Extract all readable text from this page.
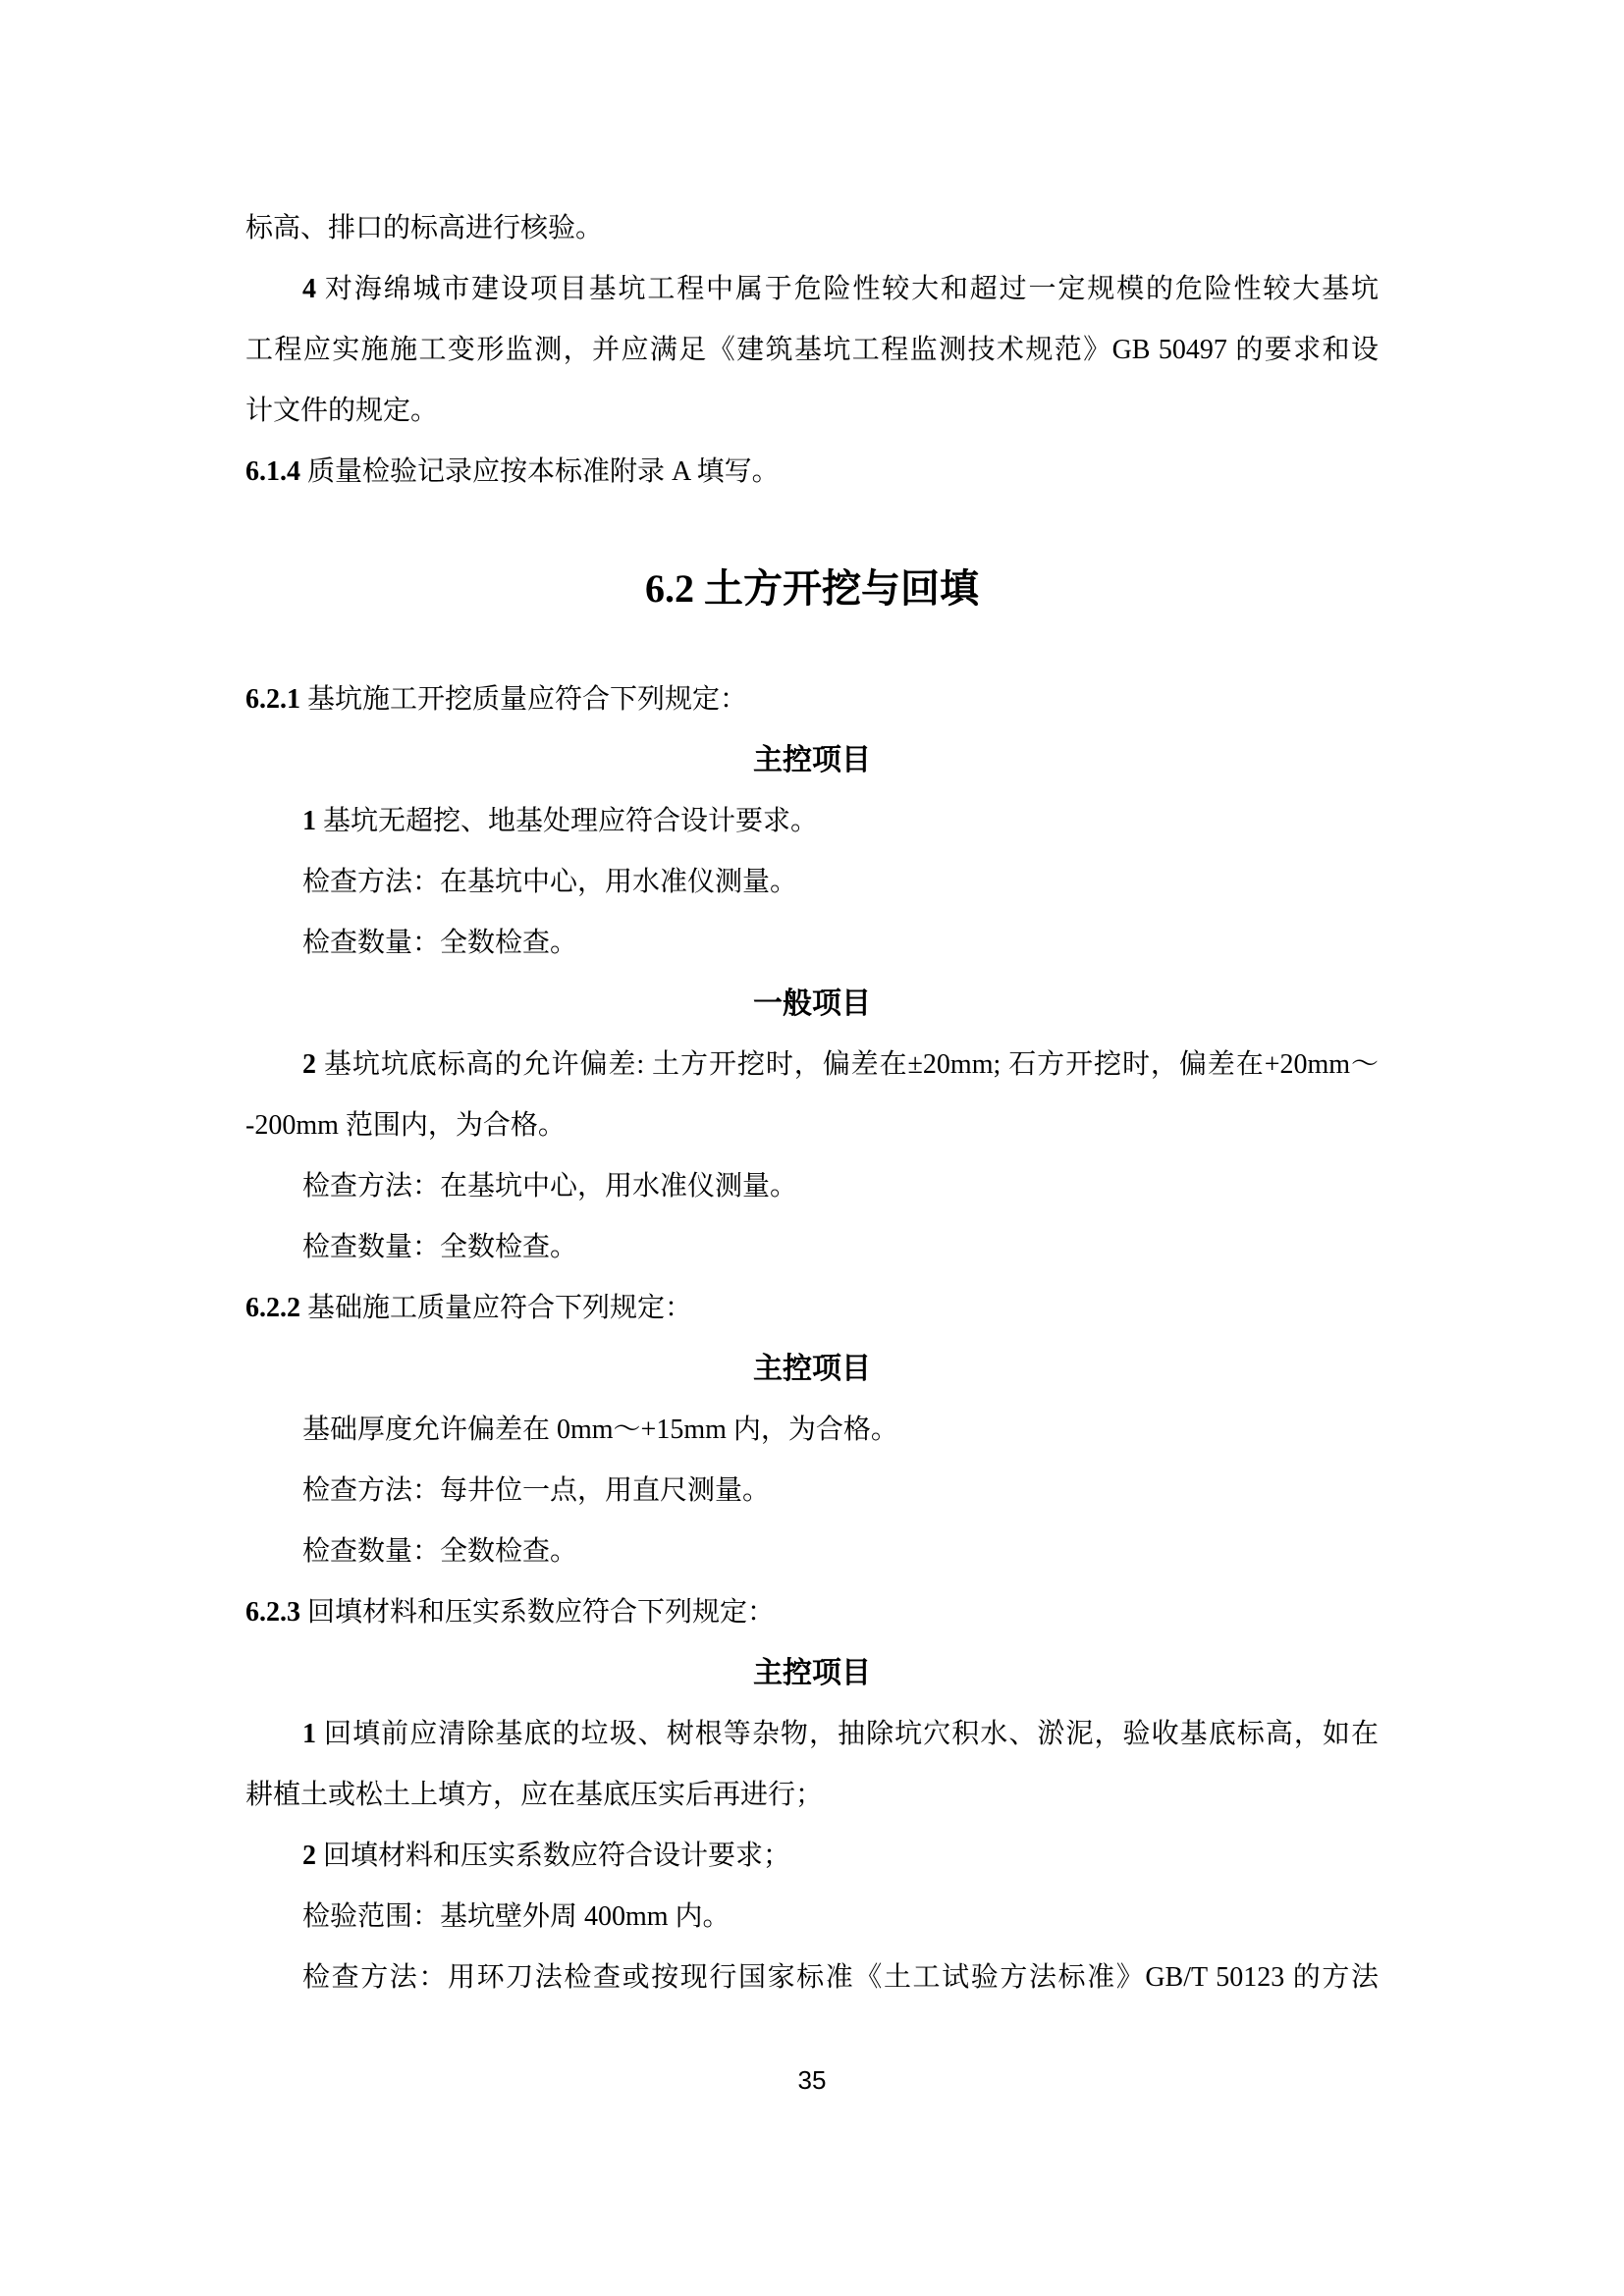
标高、排口的标高进行核验。
4 对海绵城市建设项目基坑工程中属于危险性较大和超过一定规模的危险性较大基坑
工程应实施施工变形监测，并应满足《建筑基坑工程监测技术规范》GB 50497 的要求和设
计文件的规定。
6.1.4 质量检验记录应按本标准附录 A 填写。
6.2 土方开挖与回填
6.2.1 基坑施工开挖质量应符合下列规定：
主控项目
1 基坑无超挖、地基处理应符合设计要求。
检查方法：在基坑中心，用水准仪测量。
检查数量：全数检查。
一般项目
2 基坑坑底标高的允许偏差: 土方开挖时，偏差在±20mm; 石方开挖时，偏差在+20mm～
-200mm 范围内，为合格。
检查方法：在基坑中心，用水准仪测量。
检查数量：全数检查。
6.2.2 基础施工质量应符合下列规定：
主控项目
基础厚度允许偏差在 0mm～+15mm 内，为合格。
检查方法：每井位一点，用直尺测量。
检查数量：全数检查。
6.2.3 回填材料和压实系数应符合下列规定：
主控项目
1 回填前应清除基底的垃圾、树根等杂物，抽除坑穴积水、淤泥，验收基底标高，如在
耕植土或松土上填方，应在基底压实后再进行；
2 回填材料和压实系数应符合设计要求；
检验范围：基坑壁外周 400mm 内。
检查方法：用环刀法检查或按现行国家标准《土工试验方法标准》GB/T 50123 的方法
35
